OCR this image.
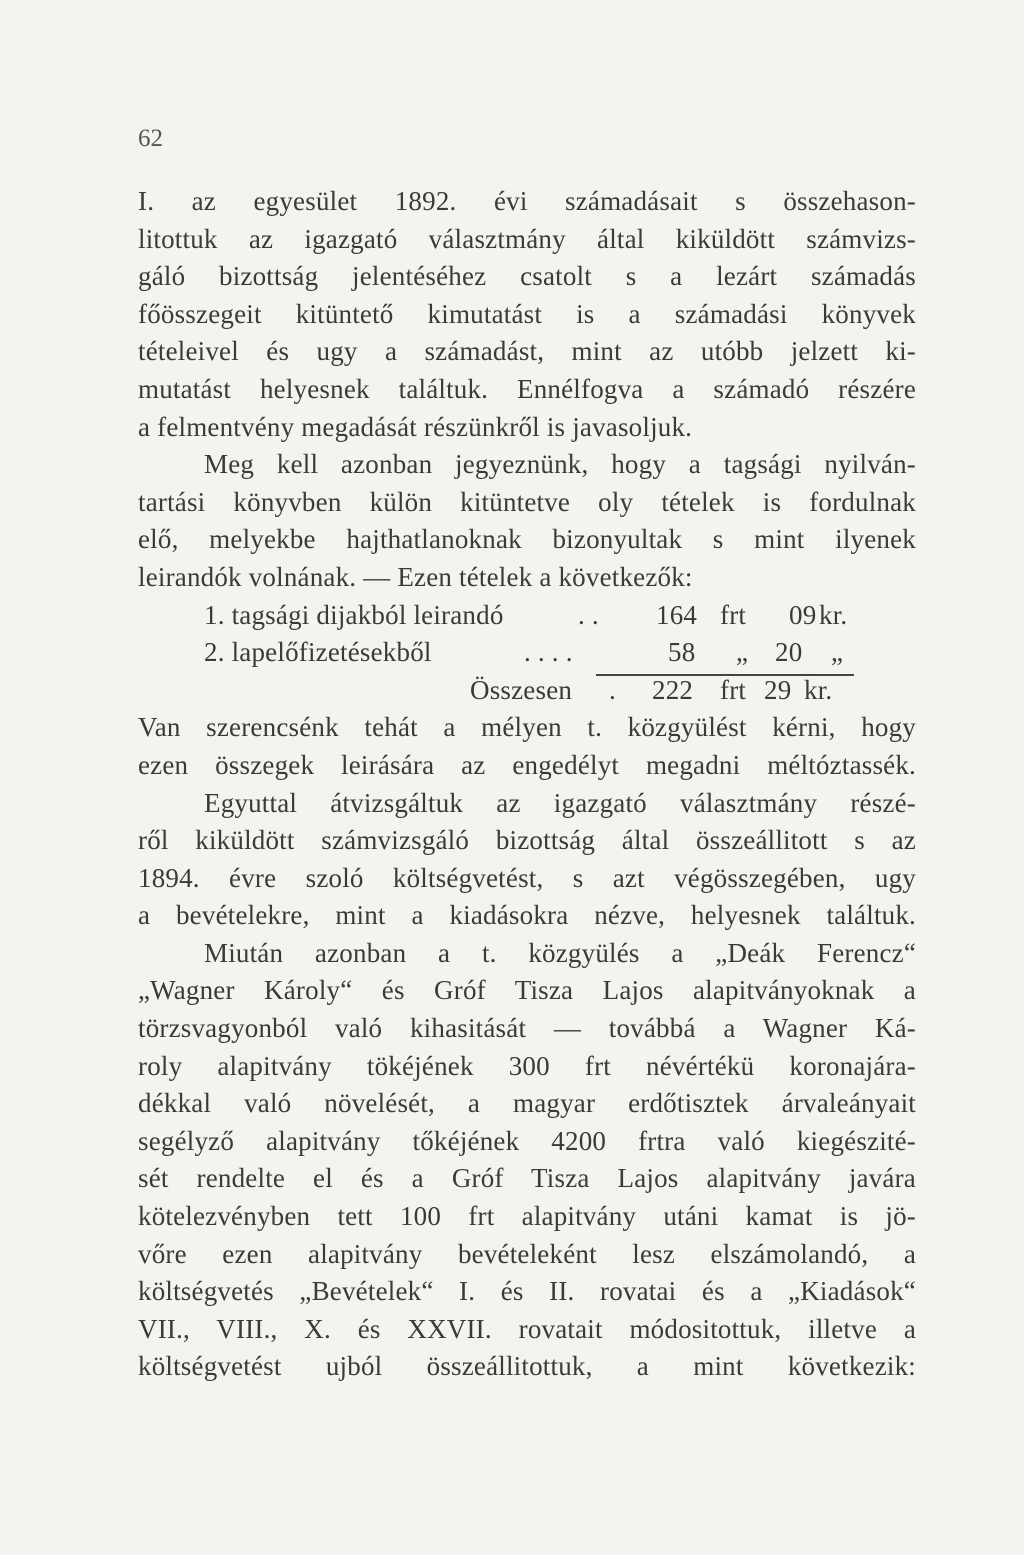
62
I. az egyesület 1892. évi számadásait s összehason-
litottuk az igazgató választmány által kiküldött számvizs-
gáló bizottság jelentéséhez csatolt s a lezárt számadás
főösszegeit kitüntető kimutatást is a számadási könyvek
tételeivel és ugy a számadást, mint az utóbb jelzett ki-
mutatást helyesnek találtuk. Ennélfogva a számadó részére
a felmentvény megadását részünkről is javasoljuk.
Meg kell azonban jegyeznünk, hogy a tagsági nyilván-
tartási könyvben külön kitüntetve oly tételek is fordulnak
elő, melyekbe hajthatlanoknak bizonyultak s mint ilyenek
leirandók volnának. — Ezen tételek a következők:
1. tagsági dijakból leirandó	. . 164 frt 09 kr.
2. lapelőfizetésekből	. . . .	58 „ 20 „
Összesen . 222 frt 29 kr.
Van szerencsénk tehát a mélyen t. közgyülést kérni, hogy
ezen összegek leirására az engedélyt megadni méltóztassék.
Egyuttal átvizsgáltuk az igazgató választmány részé-
ről kiküldött számvizsgáló bizottság által összeállitott s az
1894. évre szoló költségvetést, s azt végösszegében, ugy
a bevételekre, mint a kiadásokra nézve, helyesnek találtuk.
Miután azonban a t. közgyülés a „Deák Ferencz“
„Wagner Károly“ és Gróf Tisza Lajos alapitványoknak a
törzsvagyonból való kihasitását — továbbá a Wagner Ká-
roly alapitvány tökéjének 300 frt névértékü koronajára-
dékkal való növelését, a magyar erdőtisztek árvaleányait
segélyző alapitvány tőkéjének 4200 frtra való kiegészité-
sét rendelte el és a Gróf Tisza Lajos alapitvány javára
kötelezvényben tett 100 frt alapitvány utáni kamat is jö-
vőre ezen alapitvány bevételeként lesz elszámolandó, a
költségvetés „Bevételek“ I. és II. rovatai és a „Kiadások“
VII., VIII., X. és XXVII. rovatait módositottuk, illetve a
költségvetést ujból összeállitottuk, a mint következik:
